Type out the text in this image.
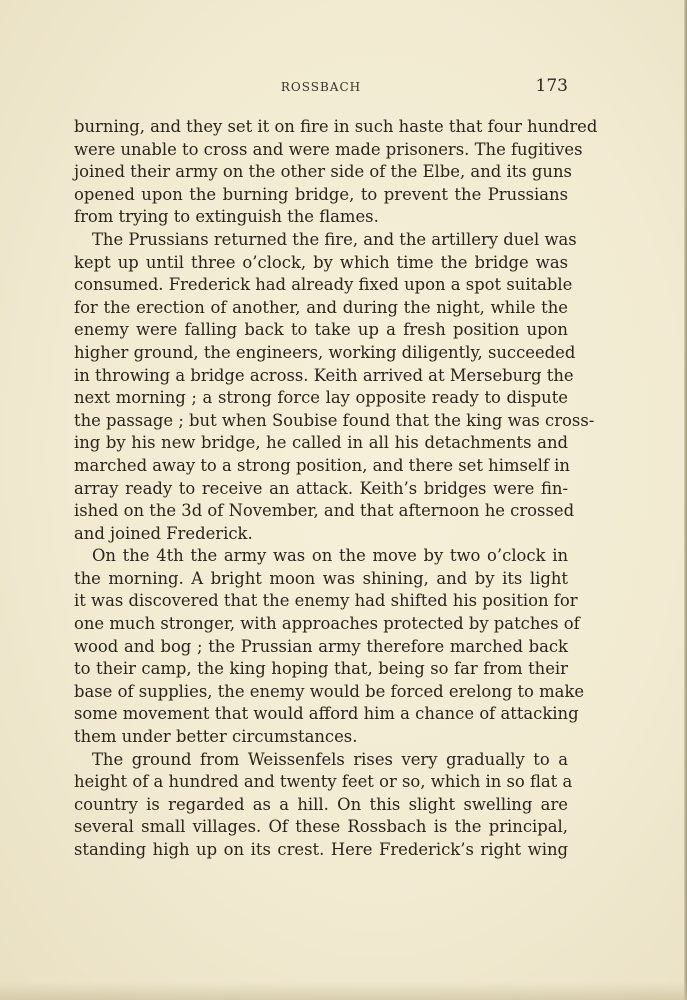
ROSSBACH	173
burning, and they set it on fire in such haste that four hundred
were unable to cross and were made prisoners. The fugitives
joined their army on the other side of the Elbe, and its guns
opened upon the burning bridge, to prevent the Prussians
from trying to extinguish the flames.
The Prussians returned the fire, and the artillery duel was
kept up until three o’clock, by which time the bridge was
consumed. Frederick had already fixed upon a spot suitable
for the erection of another, and during the night, while the
enemy were falling back to take up a fresh position upon
higher ground, the engineers, working diligently, succeeded
in throwing a bridge across. Keith arrived at Merseburg the
next morning ; a strong force lay opposite ready to dispute
the passage ; but when Soubise found that the king was cross-
ing by his new bridge, he called in all his detachments and
marched away to a strong position, and there set himself in
array ready to receive an attack. Keith’s bridges were fin-
ished on the 3d of November, and that afternoon he crossed
and joined Frederick.
On the 4th the army was on the move by two o’clock in
the morning. A bright moon was shining, and by its light
it was discovered that the enemy had shifted his position for
one much stronger, with approaches protected by patches of
wood and bog ; the Prussian army therefore marched back
to their camp, the king hoping that, being so far from their
base of supplies, the enemy would be forced erelong to make
some movement that would afford him a chance of attacking
them under better circumstances.
The ground from Weissenfels rises very gradually to a
height of a hundred and twenty feet or so, which in so flat a
country is regarded as a hill. On this slight swelling are
several small villages. Of these Rossbach is the principal,
standing high up on its crest. Here Frederick’s right wing
